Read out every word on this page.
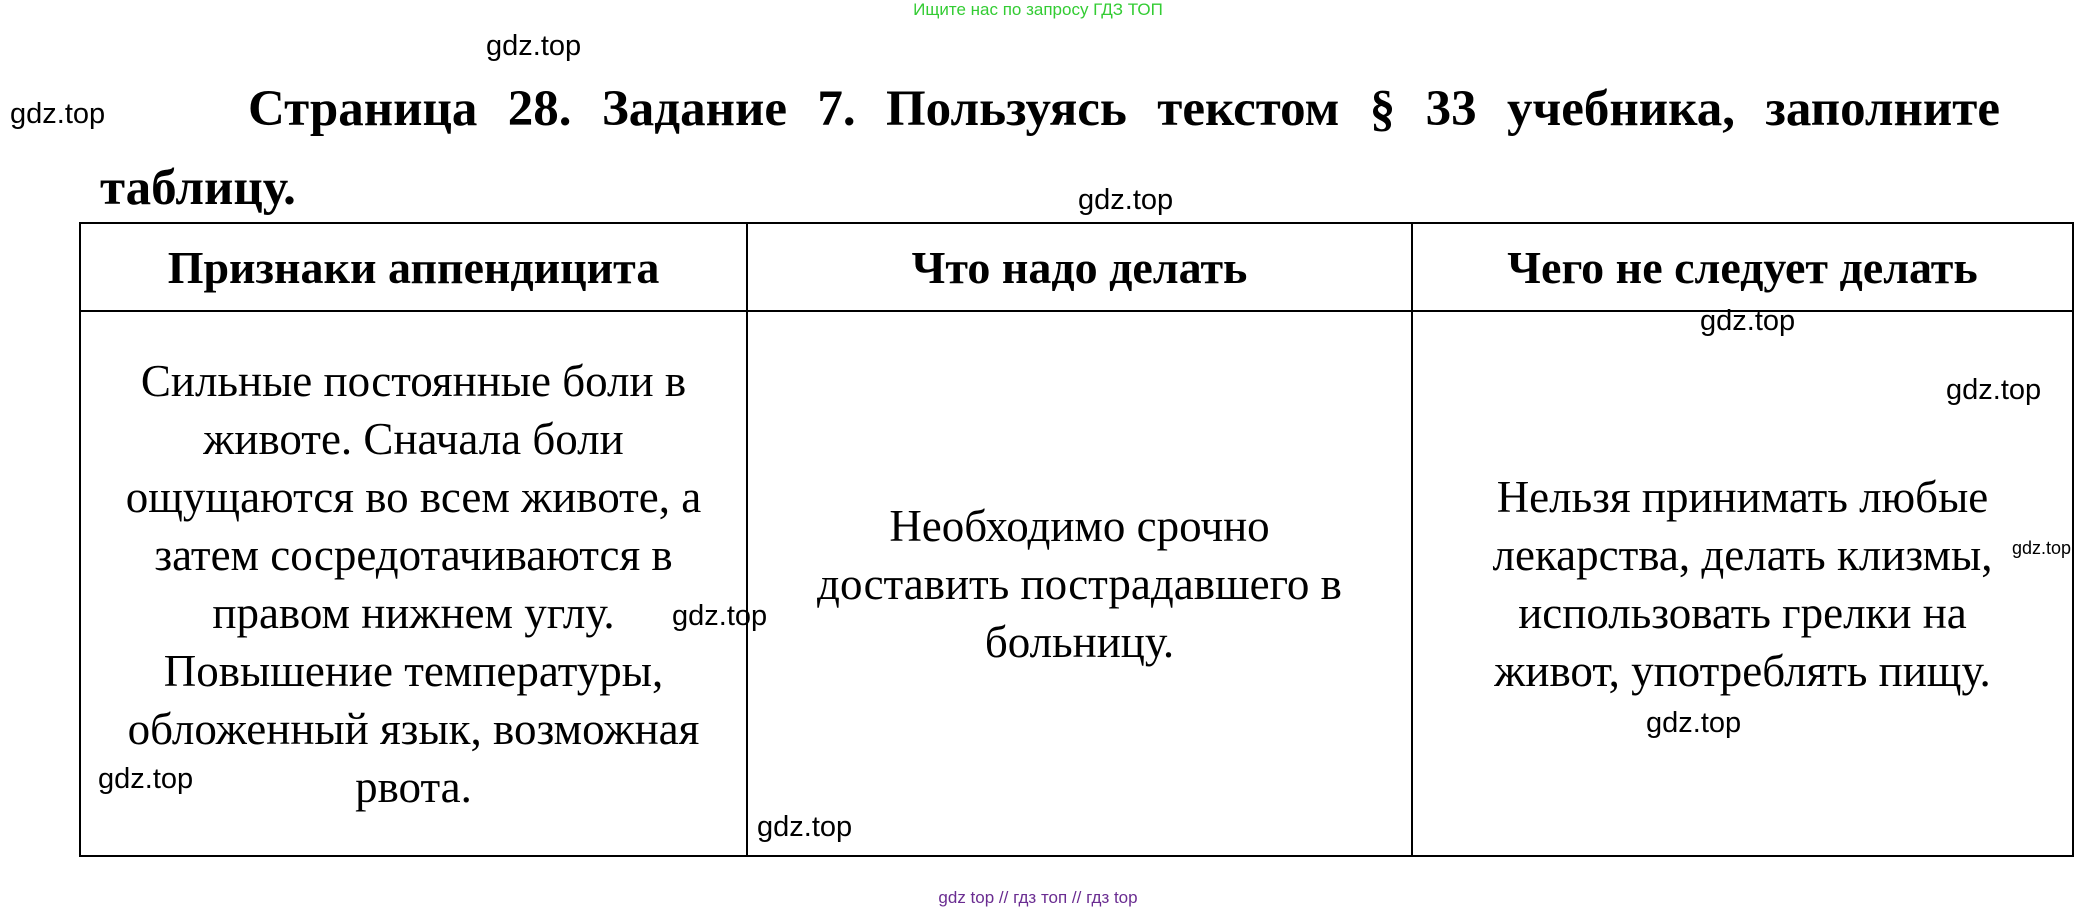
Ищите нас по запросу ГДЗ ТОП

Страница 28. Задание 7. Пользуясь текстом § 33 учебника, заполните таблицу.

Признаки аппендицита	Что надо делать	Чего не следует делать
Сильные постоянные боли в животе. Сначала боли ощущаются во всем животе, а затем сосредотачиваются в правом нижнем углу. Повышение температуры, обложенный язык, возможная рвота.
Необходимо срочно доставить пострадавшего в больницу.
Нельзя принимать любые лекарства, делать клизмы, использовать грелки на живот, употреблять пищу.
gdz.top
gdz.top
gdz.top
gdz.top
gdz.top
gdz.top
gdz.top
gdz.top
gdz.top
gdz.top
gdz top // гдз топ // гдз top
